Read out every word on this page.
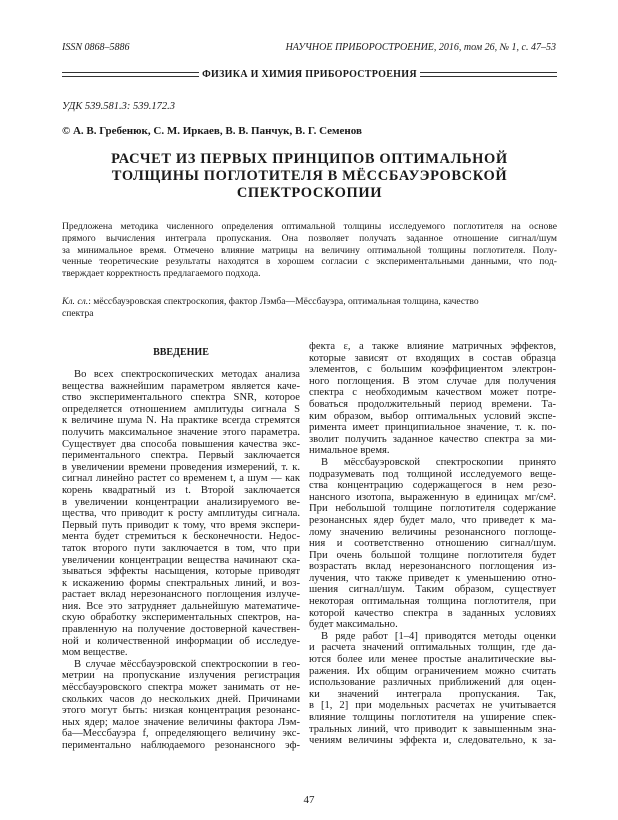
ISSN 0868–5886	НАУЧНОЕ ПРИБОРОСТРОЕНИЕ, 2016, том 26, № 1, с. 47–53
ФИЗИКА И ХИМИЯ ПРИБОРОСТРОЕНИЯ
УДК 539.581.3: 539.172.3
© А. В. Гребенюк, С. М. Иркаев, В. В. Панчук, В. Г. Семенов
РАСЧЕТ ИЗ ПЕРВЫХ ПРИНЦИПОВ ОПТИМАЛЬНОЙ
ТОЛЩИНЫ ПОГЛОТИТЕЛЯ В МЁССБАУЭРОВСКОЙ
СПЕКТРОСКОПИИ
Предложена методика численного определения оптимальной толщины исследуемого поглотителя на основе
прямого вычисления интеграла пропускания. Она позволяет получать заданное отношение сигнал/шум
за минимальное время. Отмечено влияние матрицы на величину оптимальной толщины поглотителя. Полу-
ченные теоретические результаты находятся в хорошем согласии с экспериментальными данными, что под-
тверждает корректность предлагаемого подхода.
Кл. сл.: мёссбауэровская спектроскопия, фактор Лэмба—Мёссбауэра, оптимальная толщина, качество
спектра
ВВЕДЕНИЕ
Во всех спектроскопических методах анализа
вещества важнейшим параметром является каче-
ство экспериментального спектра SNR, которое
определяется отношением амплитуды сигнала S
к величине шума N. На практике всегда стремятся
получить максимальное значение этого параметра.
Существует два способа повышения качества экс-
периментального спектра. Первый заключается
в увеличении времени проведения измерений, т. к.
сигнал линейно растет со временем t, а шум — как
корень квадратный из t. Второй заключается
в увеличении концентрации анализируемого ве-
щества, что приводит к росту амплитуды сигнала.
Первый путь приводит к тому, что время экспери-
мента будет стремиться к бесконечности. Недос-
таток второго пути заключается в том, что при
увеличении концентрации вещества начинают ска-
зываться эффекты насыщения, которые приводят
к искажению формы спектральных линий, и воз-
растает вклад нерезонансного поглощения излуче-
ния. Все это затрудняет дальнейшую математиче-
скую обработку экспериментальных спектров, на-
правленную на получение достоверной качествен-
ной и количественной информации об исследуе-
мом веществе.
В случае мёссбауэровской спектроскопии в гео-
метрии на пропускание излучения регистрация
мёссбауэровского спектра может занимать от не-
скольких часов до нескольких дней. Причинами
этого могут быть: низкая концентрация резонанс-
ных ядер; малое значение величины фактора Лэм-
ба—Мессбауэра f, определяющего величину экс-
периментально наблюдаемого резонансного эф-
фекта ε, а также влияние матричных эффектов,
которые зависят от входящих в состав образца
элементов, с большим коэффициентом электрон-
ного поглощения. В этом случае для получения
спектра с необходимым качеством может потре-
боваться продолжительный период времени. Та-
ким образом, выбор оптимальных условий экспе-
римента имеет принципиальное значение, т. к. по-
зволит получить заданное качество спектра за ми-
нимальное время.
В мёссбауэровской спектроскопии принято
подразумевать под толщиной исследуемого веще-
ства концентрацию содержащегося в нем резо-
нансного изотопа, выраженную в единицах мг/см².
При небольшой толщине поглотителя содержание
резонансных ядер будет мало, что приведет к ма-
лому значению величины резонансного поглоще-
ния и соответственно отношению сигнал/шум.
При очень большой толщине поглотителя будет
возрастать вклад нерезонансного поглощения из-
лучения, что также приведет к уменьшению отно-
шения сигнал/шум. Таким образом, существует
некоторая оптимальная толщина поглотителя, при
которой качество спектра в заданных условиях
будет максимально.
В ряде работ [1–4] приводятся методы оценки
и расчета значений оптимальных толщин, где да-
ются более или менее простые аналитические вы-
ражения. Их общим ограничением можно считать
использование различных приближений для оцен-
ки значений интеграла пропускания. Так,
в [1, 2] при модельных расчетах не учитывается
влияние толщины поглотителя на уширение спек-
тральных линий, что приводит к завышенным зна-
чениям величины эффекта и, следовательно, к за-
47
